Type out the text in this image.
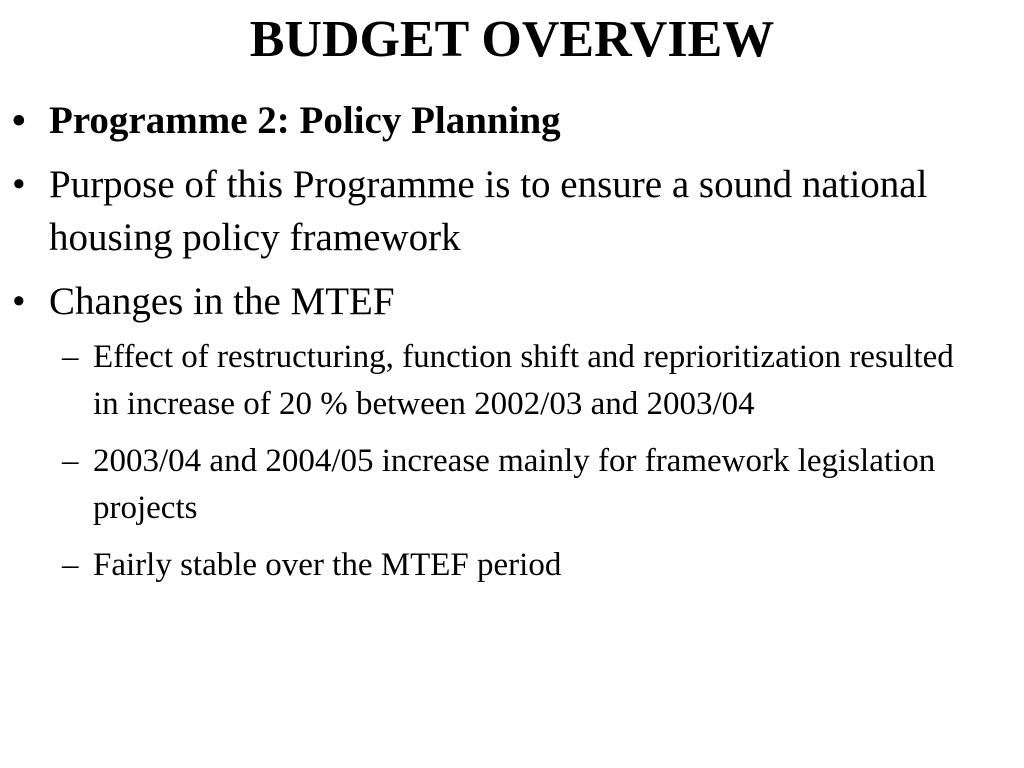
BUDGET OVERVIEW
• Programme 2: Policy Planning
• Purpose of this Programme is to ensure a sound national housing policy framework
• Changes in the MTEF
– Effect of restructuring, function shift and reprioritization resulted in increase of 20 % between 2002/03 and 2003/04
– 2003/04 and 2004/05 increase mainly for framework legislation projects
– Fairly stable over the MTEF period
